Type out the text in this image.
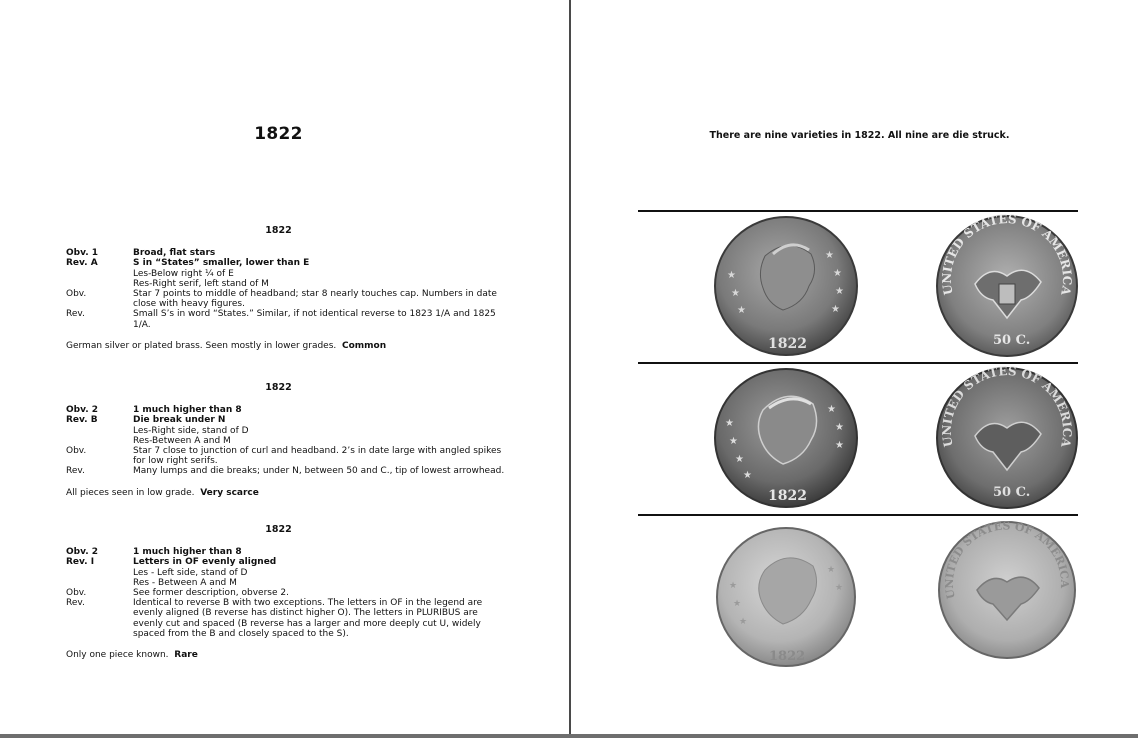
1822
1822
Obv. 1	Broad, flat stars
Rev. A	S in “States” smaller, lower than E
Les-Below right ¼ of E
Res-Right serif, left stand of M
Obv.	Star 7 points to middle of headband; star 8 nearly touches cap. Numbers in date close with heavy figures.
Rev.	Small S’s in word “States.” Similar, if not identical reverse to 1823 1/A and 1825 1/A.
German silver or plated brass. Seen mostly in lower grades. Common
1822
Obv. 2	1 much higher than 8
Rev. B	Die break under N
Les-Right side, stand of D
Res-Between A and M
Obv.	Star 7 close to junction of curl and headband. 2’s in date large with angled spikes for low right serifs.
Rev.	Many lumps and die breaks; under N, between 50 and C., tip of lowest arrowhead.
All pieces seen in low grade. Very scarce
1822
Obv. 2	1 much higher than 8
Rev. I	Letters in OF evenly aligned
Les - Left side, stand of D
Res - Between A and M
Obv.	See former description, obverse 2.
Rev.	Identical to reverse B with two exceptions. The letters in OF in the legend are evenly aligned (B reverse has distinct higher O). The letters in PLURIBUS are evenly cut and spaced (B reverse has a larger and more deeply cut U, widely spaced from the B and closely spaced to the S).
Only one piece known. Rare
There are nine varieties in 1822. All nine are die struck.
★
★
★
★
★
★
★
1822
UNITED STATES OF AMERICA
50 C.
★
★
★
★
★
★
★
1822
UNITED STATES OF AMERICA
50 C.
★
★
★
★
★
1822
UNITED STATES OF AMERICA
